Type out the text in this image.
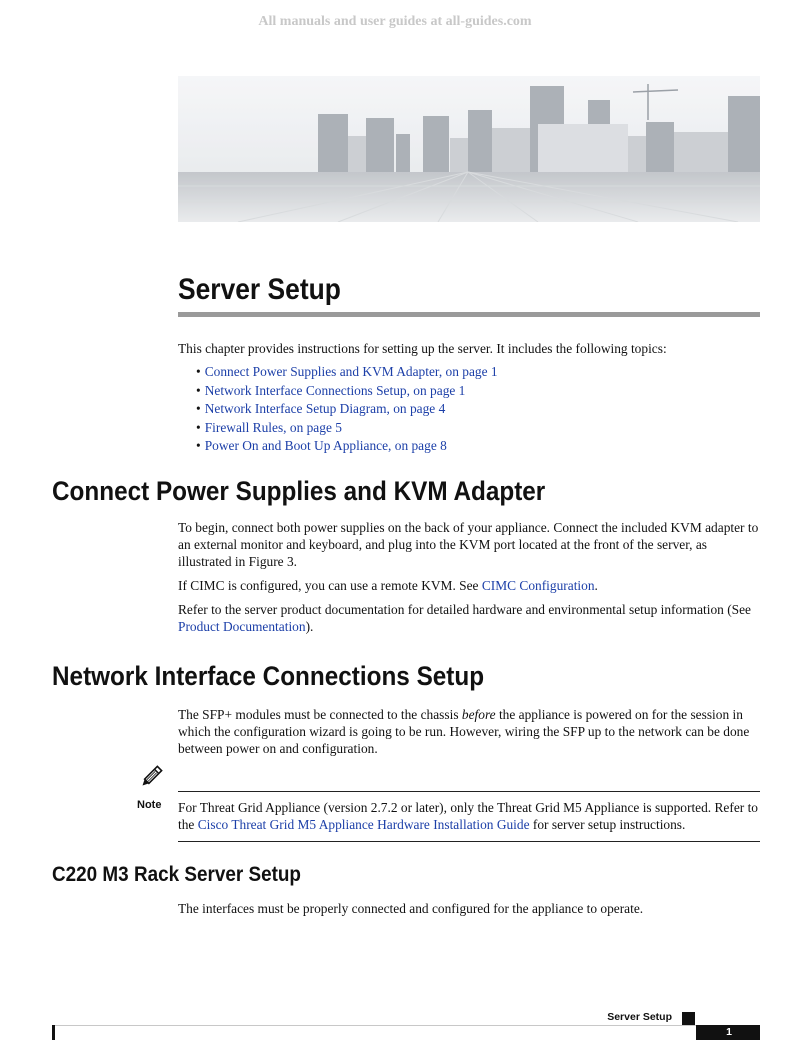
All manuals and user guides at all-guides.com
Server Setup

This chapter provides instructions for setting up the server. It includes the following topics:

• Connect Power Supplies and KVM Adapter, on page 1
• Network Interface Connections Setup, on page 1
• Network Interface Setup Diagram, on page 4
• Firewall Rules, on page 5
• Power On and Boot Up Appliance, on page 8
Connect Power Supplies and KVM Adapter

To begin, connect both power supplies on the back of your appliance. Connect the included KVM adapter to an external monitor and keyboard, and plug into the KVM port located at the front of the server, as illustrated in Figure 3.

If CIMC is configured, you can use a remote KVM. See CIMC Configuration.

Refer to the server product documentation for detailed hardware and environmental setup information (See Product Documentation).

Network Interface Connections Setup

The SFP+ modules must be connected to the chassis before the appliance is powered on for the session in which the configuration wizard is going to be run. However, wiring the SFP up to the network can be done between power on and configuration.

Note For Threat Grid Appliance (version 2.7.2 or later), only the Threat Grid M5 Appliance is supported. Refer to the Cisco Threat Grid M5 Appliance Hardware Installation Guide for server setup instructions.

C220 M3 Rack Server Setup

The interfaces must be properly connected and configured for the appliance to operate.

Server Setup
1
